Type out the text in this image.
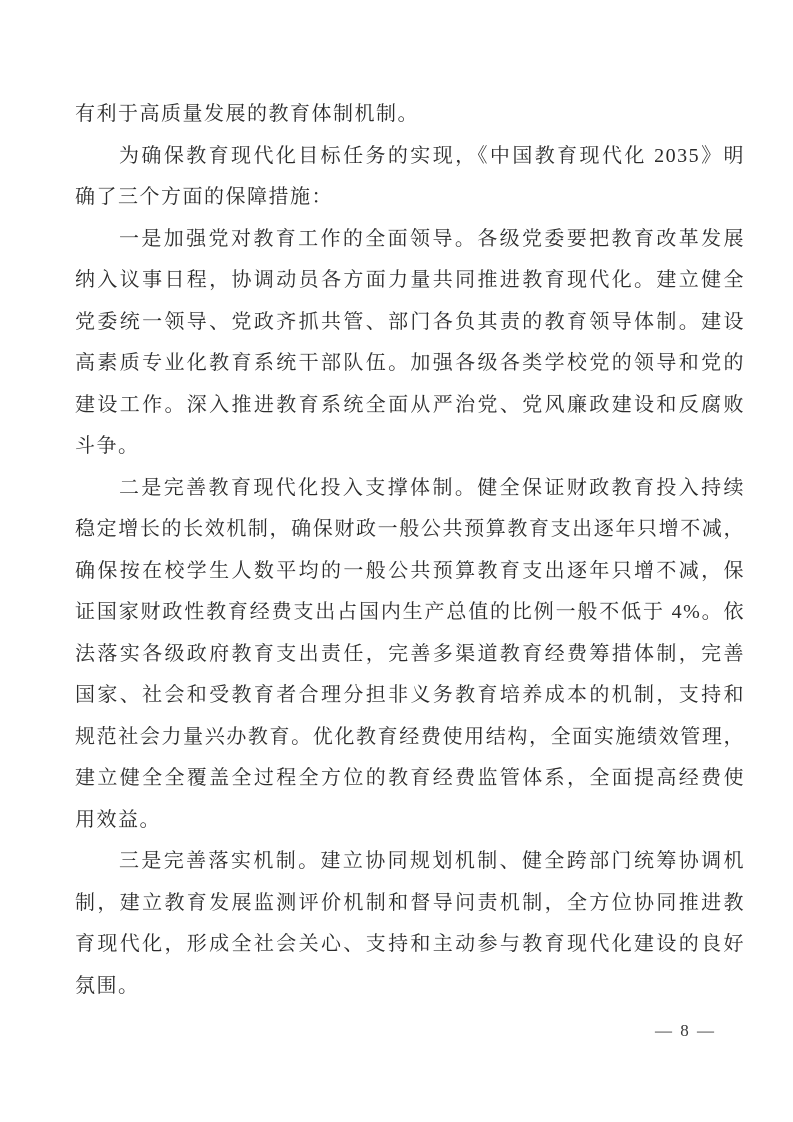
有利于高质量发展的教育体制机制。
为确保教育现代化目标任务的实现，《中国教育现代化 2035》明
确了三个方面的保障措施：
一是加强党对教育工作的全面领导。各级党委要把教育改革发展
纳入议事日程，协调动员各方面力量共同推进教育现代化。建立健全
党委统一领导、党政齐抓共管、部门各负其责的教育领导体制。建设
高素质专业化教育系统干部队伍。加强各级各类学校党的领导和党的
建设工作。深入推进教育系统全面从严治党、党风廉政建设和反腐败
斗争。
二是完善教育现代化投入支撑体制。健全保证财政教育投入持续
稳定增长的长效机制，确保财政一般公共预算教育支出逐年只增不减，
确保按在校学生人数平均的一般公共预算教育支出逐年只增不减，保
证国家财政性教育经费支出占国内生产总值的比例一般不低于 4%。依
法落实各级政府教育支出责任，完善多渠道教育经费筹措体制，完善
国家、社会和受教育者合理分担非义务教育培养成本的机制，支持和
规范社会力量兴办教育。优化教育经费使用结构，全面实施绩效管理，
建立健全全覆盖全过程全方位的教育经费监管体系，全面提高经费使
用效益。
三是完善落实机制。建立协同规划机制、健全跨部门统筹协调机
制，建立教育发展监测评价机制和督导问责机制，全方位协同推进教
育现代化，形成全社会关心、支持和主动参与教育现代化建设的良好
氛围。
— 8 —
